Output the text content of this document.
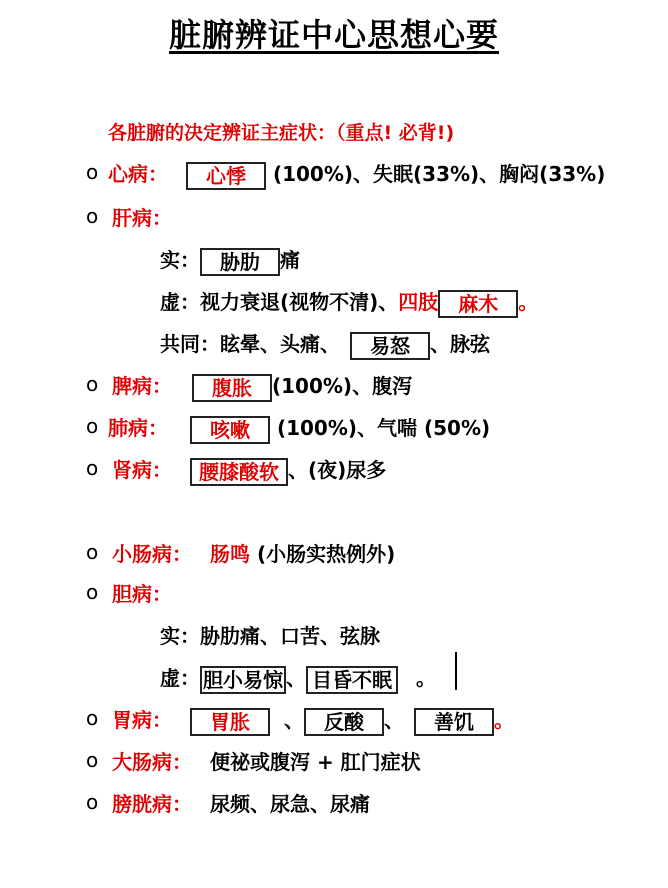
脏腑辨证中心思想心要
各脏腑的决定辨证主症状：（重点! 必背!)
o 心病： 心悸 (100%)、失眠(33%)、胸闷(33%)
o 肝病：
实： 胁肋 痛
虚：视力衰退(视物不清)、四肢 麻木 。
共同：眩晕、头痛、 易怒 、脉弦
o 脾病： 腹胀 (100%)、腹泻
o 肺病： 咳嗽 (100%)、气喘 (50%)
o 肾病： 腰膝酸软 、(夜)尿多
o 小肠病： 肠鸣 (小肠实热例外)
o 胆病：
实：胁肋痛、口苦、弦脉
虚： 胆小易惊 、 目昏不眠 。
o 胃病： 胃胀 、 反酸 、 善饥 。
o 大肠病： 便祕或腹泻 + 肛门症状
o 膀胱病： 尿频、尿急、尿痛
